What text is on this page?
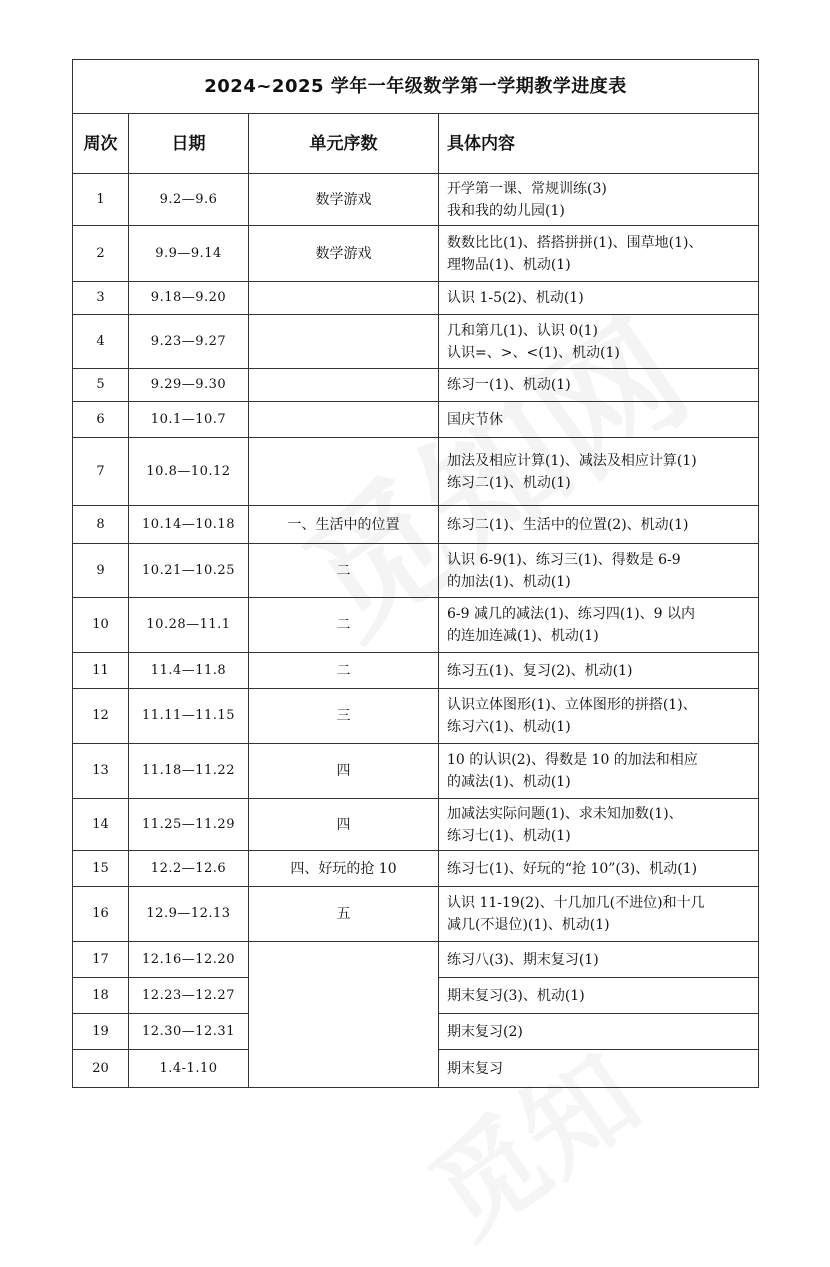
2024~2025 学年一年级数学第一学期教学进度表			
周次	日期	单元序数	具体内容
1	9.2—9.6	数学游戏	开学第一课、常规训练(3)
我和我的幼儿园(1)

2	9.9—9.14	数学游戏	数数比比(1)、搭搭拼拼(1)、围草地(1)、
理物品(1)、机动(1)

3	9.18—9.20		认识 1-5(2)、机动(1)

4	9.23—9.27		几和第几(1)、认识 0(1)
认识=、>、<(1)、机动(1)

5	9.29—9.30		练习一(1)、机动(1)

6	10.1—10.7		国庆节休

7	10.8—10.12		加法及相应计算(1)、减法及相应计算(1)
练习二(1)、机动(1)

8	10.14—10.18	一、生活中的位置	练习二(1)、生活中的位置(2)、机动(1)

9	10.21—10.25	二	认识 6-9(1)、练习三(1)、得数是 6-9
的加法(1)、机动(1)

10	10.28—11.1	二	6-9 减几的减法(1)、练习四(1)、9 以内
的连加连减(1)、机动(1)

11	11.4—11.8	二	练习五(1)、复习(2)、机动(1)

12	11.11—11.15	三	认识立体图形(1)、立体图形的拼搭(1)、
练习六(1)、机动(1)

13	11.18—11.22	四	10 的认识(2)、得数是 10 的加法和相应
的减法(1)、机动(1)

14	11.25—11.29	四	加减法实际问题(1)、求未知加数(1)、
练习七(1)、机动(1)

15	12.2—12.6	四、好玩的抢 10	练习七(1)、好玩的“抢 10”(3)、机动(1)

16	12.9—12.13	五	认识 11-19(2)、十几加几(不进位)和十几
减几(不退位)(1)、机动(1)

17	12.16—12.20		练习八(3)、期末复习(1)

18	12.23—12.27		期末复习(3)、机动(1)

19	12.30—12.31		期末复习(2)

20	1.4-1.10		期末复习
